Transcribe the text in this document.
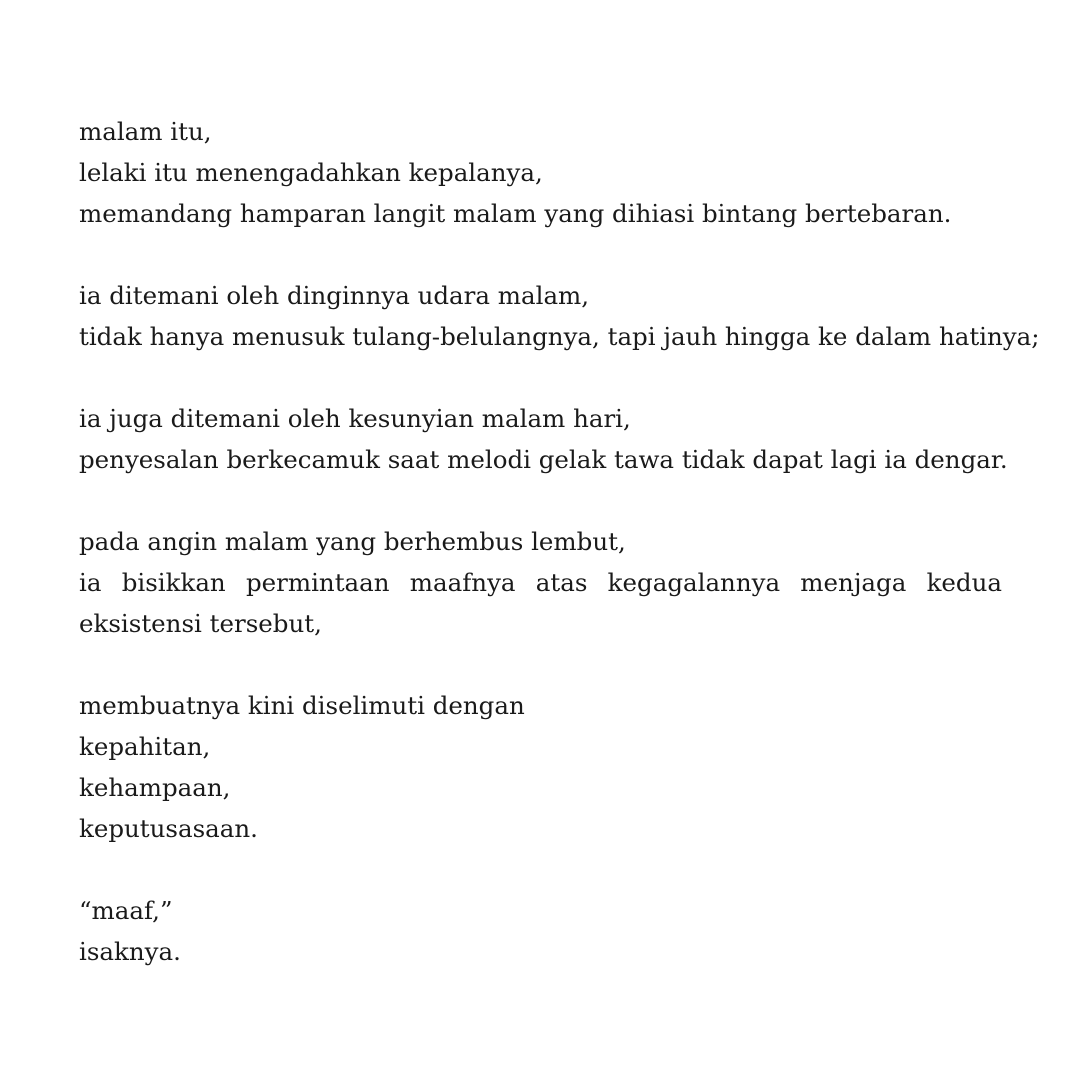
malam itu,
lelaki itu menengadahkan kepalanya,
memandang hamparan langit malam yang dihiasi bintang bertebaran.
ia ditemani oleh dinginnya udara malam,
tidak hanya menusuk tulang-belulangnya, tapi jauh hingga ke dalam hatinya;
ia juga ditemani oleh kesunyian malam hari,
penyesalan berkecamuk saat melodi gelak tawa tidak dapat lagi ia dengar.
pada angin malam yang berhembus lembut,
ia bisikkan permintaan maafnya atas kegagalannya menjaga kedua eksistensi tersebut,
membuatnya kini diselimuti dengan
kepahitan,
kehampaan,
keputusasaan.
“maaf,”
isaknya.
